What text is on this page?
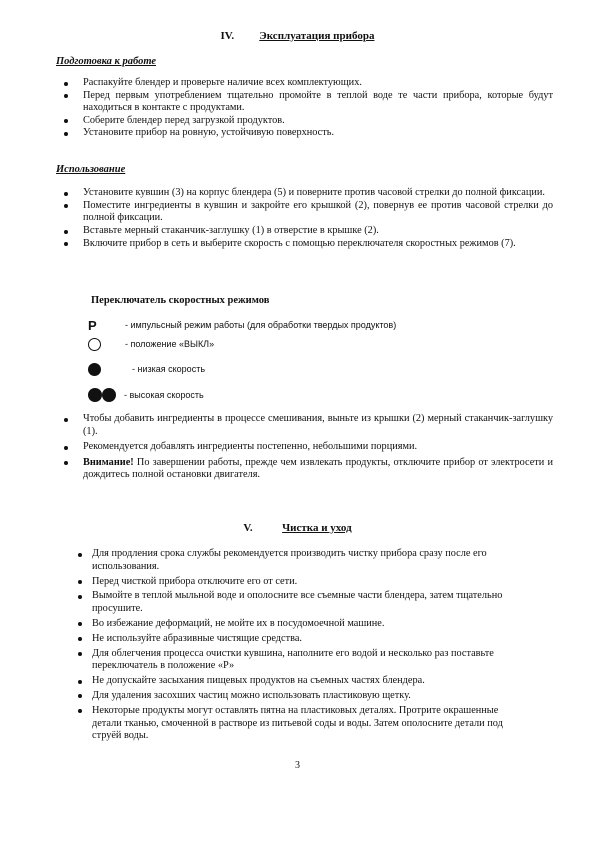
IV. Эксплуатация прибора
Подготовка к работе
Распакуйте блендер и проверьте наличие всех комплектующих.
Перед первым употреблением тщательно промойте в теплой воде те части прибора, которые будут находиться в контакте с продуктами.
Соберите блендер перед загрузкой продуктов.
Установите прибор на ровную, устойчивую поверхность.
Использование
Установите кувшин (3) на корпус блендера (5) и поверните против часовой стрелки до полной фиксации.
Поместите ингредиенты в кувшин и закройте его крышкой (2), повернув ее против часовой стрелки до полной фиксации.
Вставьте мерный стаканчик-заглушку (1) в отверстие в крышке (2).
Включите прибор в сеть и выберите скорость с помощью переключателя скоростных режимов (7).
Переключатель скоростных режимов
P	- импульсный режим работы (для обработки твердых продуктов)
- положение «ВЫКЛ»
- низкая скорость
- высокая скорость
Чтобы добавить ингредиенты в процессе смешивания, выньте из крышки (2) мерный стаканчик-заглушку (1).
Рекомендуется добавлять ингредиенты постепенно, небольшими порциями.
Внимание! По завершении работы, прежде чем извлекать продукты, отключите прибор от электросети и дождитесь полной остановки двигателя.
V.	Чистка и уход
Для продления срока службы рекомендуется производить чистку прибора сразу после его использования.
Перед чисткой прибора отключите его от сети.
Вымойте в теплой мыльной воде и ополосните все съемные части блендера, затем тщательно просушите.
Во избежание деформаций, не мойте их в посудомоечной машине.
Не используйте абразивные чистящие средства.
Для облегчения процесса очистки кувшина, наполните его водой и несколько раз поставьте переключатель в положение «Р»
Не допускайте засыхания пищевых продуктов на съемных частях блендера.
Для удаления засохших частиц можно использовать пластиковую щетку.
Некоторые продукты могут оставлять пятна на пластиковых деталях. Протрите окрашенные детали тканью, смоченной в растворе из питьевой соды и воды. Затем ополосните детали под струёй воды.
3
